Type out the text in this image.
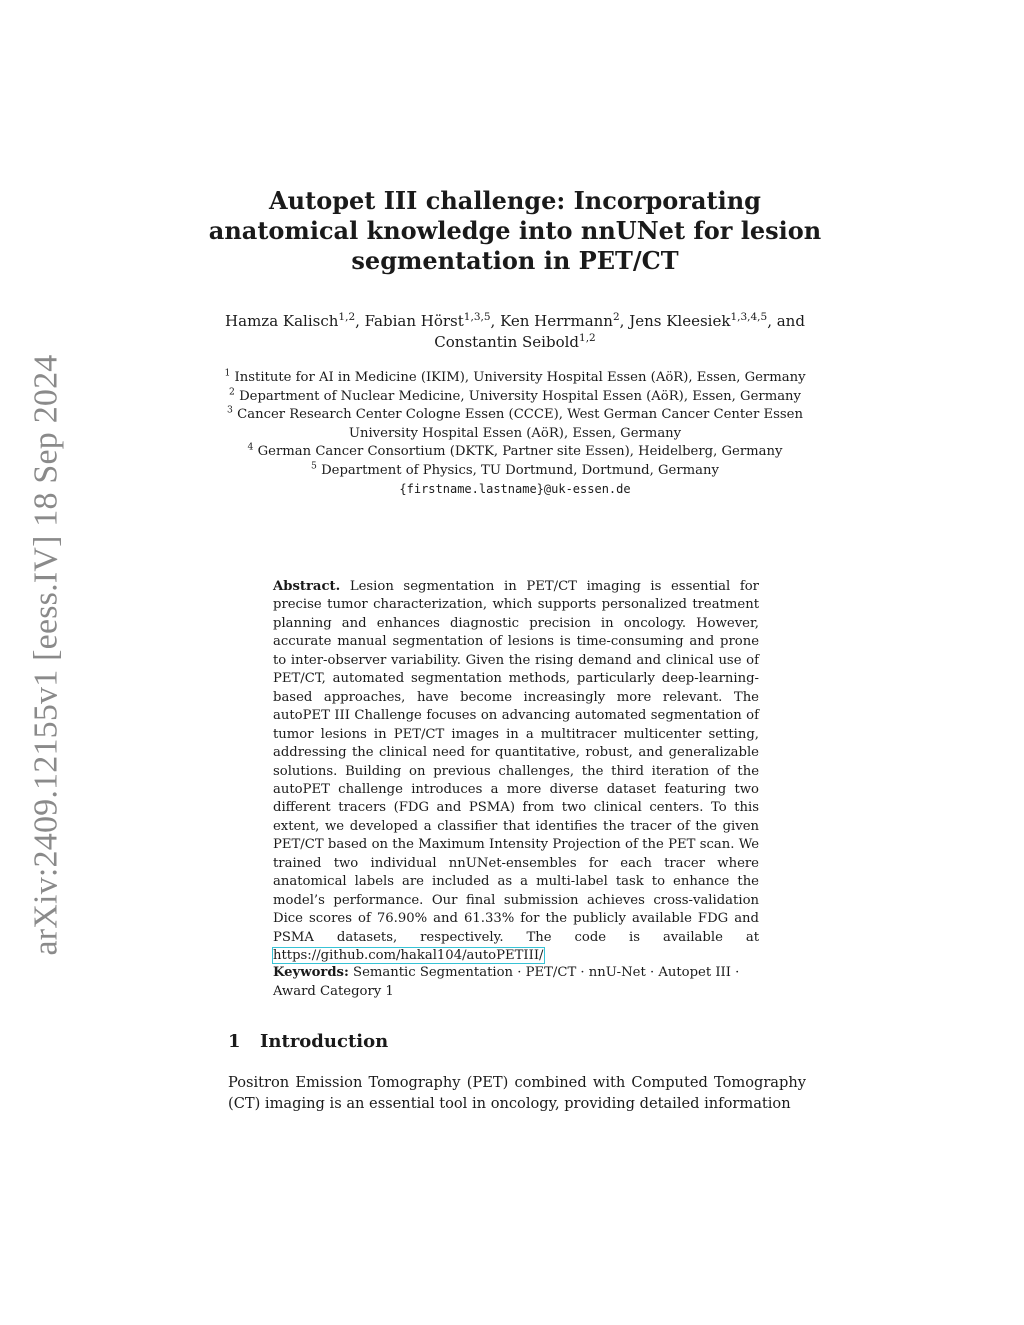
arXiv:2409.12155v1 [eess.IV] 18 Sep 2024
Autopet III challenge: Incorporating anatomical knowledge into nnUNet for lesion segmentation in PET/CT
Hamza Kalisch$^{1,2}$, Fabian Hörst$^{1,3,5}$, Ken Herrmann$^2$, Jens Kleesiek$^{1,3,4,5}$, and
Constantin Seibold$^{1,2}$
$^1$ Institute for AI in Medicine (IKIM), University Hospital Essen (AöR), Essen, Germany
$^2$ Department of Nuclear Medicine, University Hospital Essen (AöR), Essen, Germany
$^3$ Cancer Research Center Cologne Essen (CCCE), West German Cancer Center Essen University Hospital Essen (AöR), Essen, Germany
$^4$ German Cancer Consortium (DKTK, Partner site Essen), Heidelberg, Germany
$^5$ Department of Physics, TU Dortmund, Dortmund, Germany
{firstname.lastname}@uk-essen.de
Abstract. Lesion segmentation in PET/CT imaging is essential for precise tumor characterization, which supports personalized treatment planning and enhances diagnostic precision in oncology. However, accurate manual segmentation of lesions is time-consuming and prone to inter-observer variability. Given the rising demand and clinical use of PET/CT, automated segmentation methods, particularly deep-learning-based approaches, have become increasingly more relevant. The autoPET III Challenge focuses on advancing automated segmentation of tumor lesions in PET/CT images in a multitracer multicenter setting, addressing the clinical need for quantitative, robust, and generalizable solutions. Building on previous challenges, the third iteration of the autoPET challenge introduces a more diverse dataset featuring two different tracers (FDG and PSMA) from two clinical centers. To this extent, we developed a classifier that identifies the tracer of the given PET/CT based on the Maximum Intensity Projection of the PET scan. We trained two individual nnUNet-ensembles for each tracer where anatomical labels are included as a multi-label task to enhance the model’s performance. Our final submission achieves cross-validation Dice scores of 76.90% and 61.33% for the publicly available FDG and PSMA datasets, respectively. The code is available at https://github.com/hakal104/autoPETIII/
Keywords: Semantic Segmentation · PET/CT · nnU-Net · Autopet III · Award Category 1
1 Introduction
Positron Emission Tomography (PET) combined with Computed Tomography (CT) imaging is an essential tool in oncology, providing detailed information
